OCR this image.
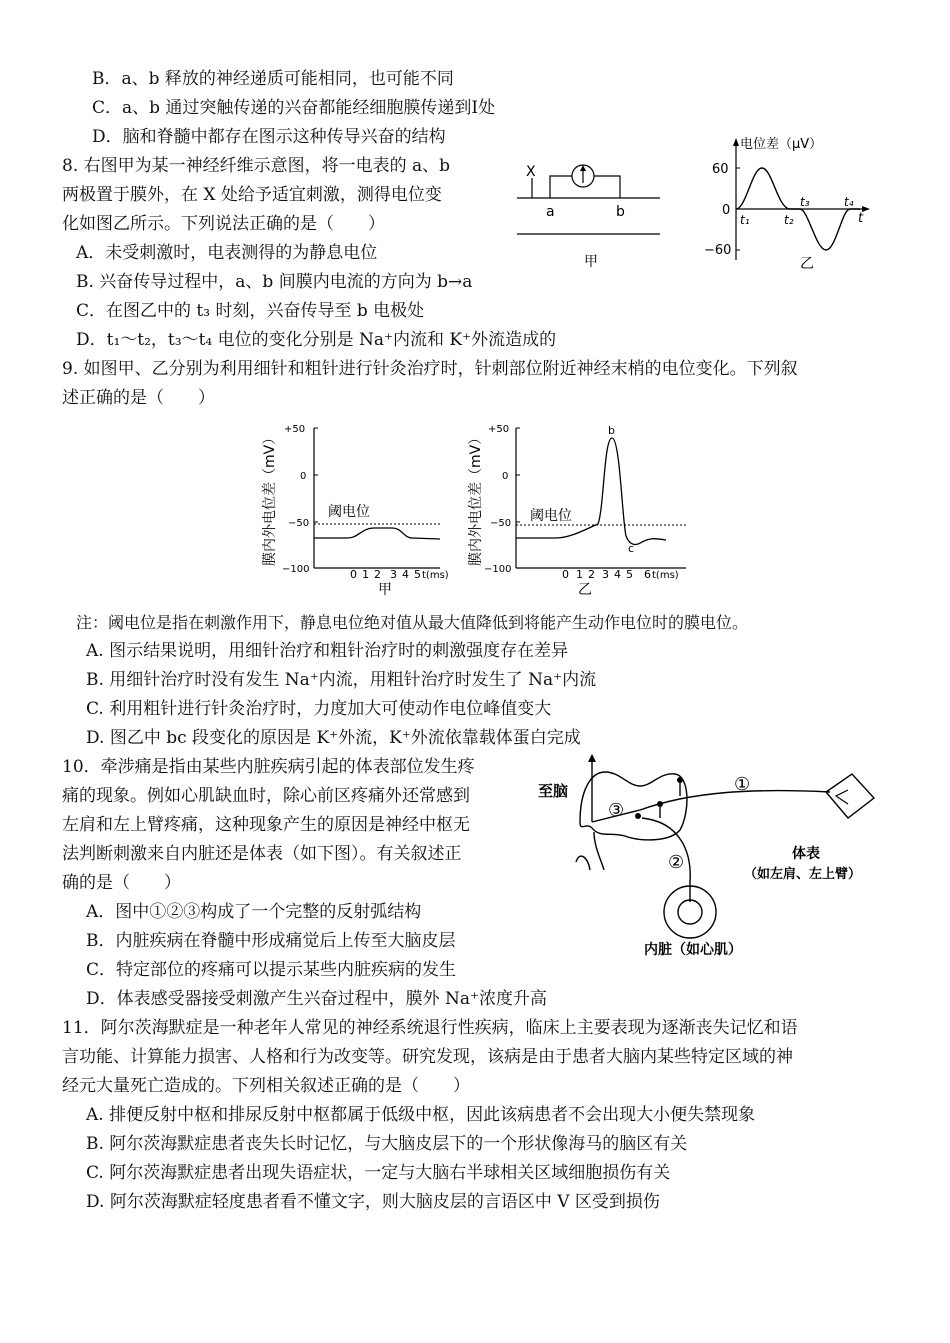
B．a、b 释放的神经递质可能相同，也可能不同
C．a、b 通过突触传递的兴奋都能经细胞膜传递到I处
D．脑和脊髓中都存在图示这种传导兴奋的结构
8. 右图甲为某一神经纤维示意图，将一电表的 a、b
两极置于膜外，在 X 处给予适宜刺激，测得电位变
化如图乙所示。下列说法正确的是（　　）
A．未受刺激时，电表测得的为静息电位
B. 兴奋传导过程中，a、b 间膜内电流的方向为 b→a
C．在图乙中的 t₃ 时刻，兴奋传导至 b 电极处
D．t₁～t₂，t₃～t₄ 电位的变化分别是 Na⁺内流和 K⁺外流造成的
X
a	b
甲
电位差（μV）
60
0
−60
t
t₁	t₂
t₃	t₄
乙
9. 如图甲、乙分别为利用细针和粗针进行针灸治疗时，针刺部位附近神经末梢的电位变化。下列叙
述正确的是（　　）
膜内外电位差（mV）
+50
0
−50
−100
阈电位
0 1 2 3 4 5 t(ms)
甲
膜内外电位差（mV）
+50
0
−50
−100
阈电位
b
c
0 1 2 3 4 5 6 t(ms)
乙
注：阈电位是指在刺激作用下，静息电位绝对值从最大值降低到将能产生动作电位时的膜电位。
A. 图示结果说明，用细针治疗和粗针治疗时的刺激强度存在差异
B. 用细针治疗时没有发生 Na⁺内流，用粗针治疗时发生了 Na⁺内流
C. 利用粗针进行针灸治疗时，力度加大可使动作电位峰值变大
D. 图乙中 bc 段变化的原因是 K⁺外流，K⁺外流依靠载体蛋白完成
10．牵涉痛是指由某些内脏疾病引起的体表部位发生疼
痛的现象。例如心肌缺血时，除心前区疼痛外还常感到
左肩和左上臂疼痛，这种现象产生的原因是神经中枢无
法判断刺激来自内脏还是体表（如下图）。有关叙述正
确的是（　　）
A．图中①②③构成了一个完整的反射弧结构
B．内脏疾病在脊髓中形成痛觉后上传至大脑皮层
C．特定部位的疼痛可以提示某些内脏疾病的发生
D．体表感受器接受刺激产生兴奋过程中，膜外 Na⁺浓度升高
至脑	①
②
③
体表
（如左肩、左上臂）
内脏（如心肌）
11．阿尔茨海默症是一种老年人常见的神经系统退行性疾病，临床上主要表现为逐渐丧失记忆和语
言功能、计算能力损害、人格和行为改变等。研究发现，该病是由于患者大脑内某些特定区域的神
经元大量死亡造成的。下列相关叙述正确的是（　　）
A. 排便反射中枢和排尿反射中枢都属于低级中枢，因此该病患者不会出现大小便失禁现象
B. 阿尔茨海默症患者丧失长时记忆，与大脑皮层下的一个形状像海马的脑区有关
C. 阿尔茨海默症患者出现失语症状，一定与大脑右半球相关区域细胞损伤有关
D. 阿尔茨海默症轻度患者看不懂文字，则大脑皮层的言语区中 V 区受到损伤
